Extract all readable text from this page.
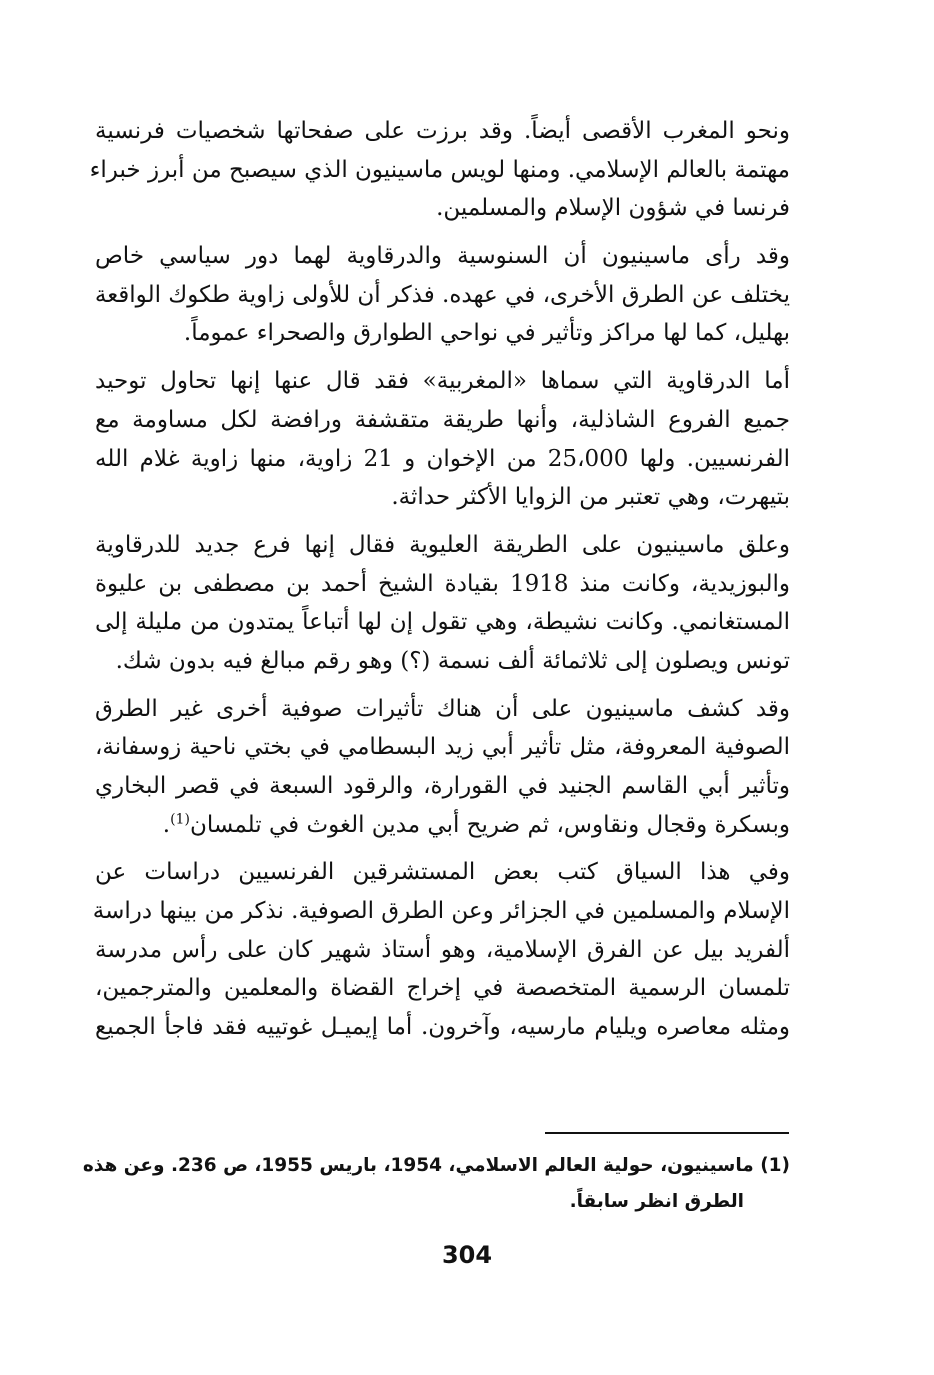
ونحو المغرب الأقصى أيضاً. وقد برزت على صفحاتها شخصيات فرنسية
مهتمة بالعالم الإسلامي. ومنها لويس ماسينيون الذي سيصبح من أبرز خبراء
فرنسا في شؤون الإسلام والمسلمين.
وقد رأى ماسينيون أن السنوسية والدرقاوية لهما دور سياسي خاص
يختلف عن الطرق الأخرى، في عهده. فذكر أن للأولى زاوية طكوك الواقعة
بهليل، كما لها مراكز وتأثير في نواحي الطوارق والصحراء عموماً.
أما الدرقاوية التي سماها «المغربية» فقد قال عنها إنها تحاول توحيد
جميع الفروع الشاذلية، وأنها طريقة متقشفة ورافضة لكل مساومة مع
الفرنسيين. ولها 25،000 من الإخوان و 21 زاوية، منها زاوية غلام الله
بتيهرت، وهي تعتبر من الزوايا الأكثر حداثة.
وعلق ماسينيون على الطريقة العليوية فقال إنها فرع جديد للدرقاوية
والبوزيدية، وكانت منذ 1918 بقيادة الشيخ أحمد بن مصطفى بن عليوة
المستغانمي. وكانت نشيطة، وهي تقول إن لها أتباعاً يمتدون من مليلة إلى
تونس ويصلون إلى ثلاثمائة ألف نسمة (؟) وهو رقم مبالغ فيه بدون شك.
وقد كشف ماسينيون على أن هناك تأثيرات صوفية أخرى غير الطرق
الصوفية المعروفة، مثل تأثير أبي زيد البسطامي في بختي ناحية زوسفانة،
وتأثير أبي القاسم الجنيد في القورارة، والرقود السبعة في قصر البخاري
وبسكرة وقجال ونقاوس، ثم ضريح أبي مدين الغوث في تلمسان$^{(1)}$.
وفي هذا السياق كتب بعض المستشرقين الفرنسيين دراسات عن
الإسلام والمسلمين في الجزائر وعن الطرق الصوفية. نذكر من بينها دراسة
ألفريد بيل عن الفرق الإسلامية، وهو أستاذ شهير كان على رأس مدرسة
تلمسان الرسمية المتخصصة في إخراج القضاة والمعلمين والمترجمين،
ومثله معاصره ويليام مارسيه، وآخرون. أما إيميـل غوتييه فقد فاجأ الجميع
(1) ماسينيون، حولية العالم الاسلامي، 1954، باريس 1955، ص 236. وعن هذه
الطرق انظر سابقاً.
304
